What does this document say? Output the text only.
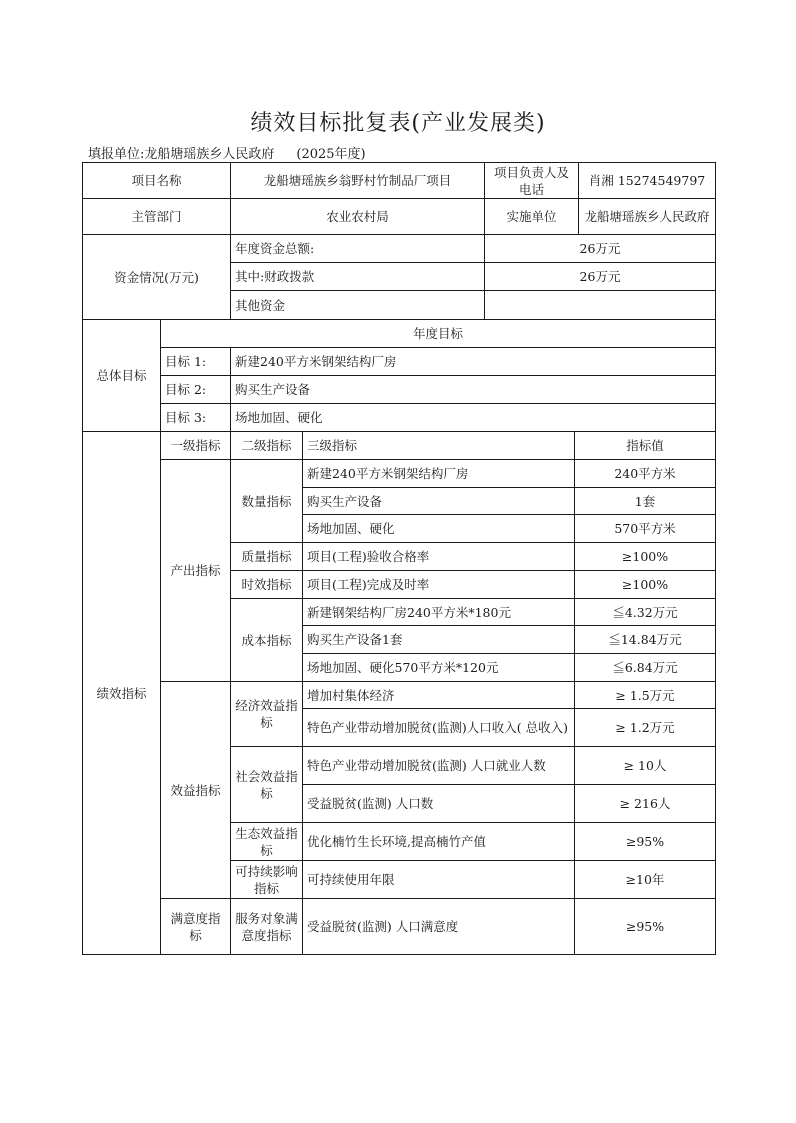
绩效目标批复表(产业发展类)
填报单位:龙船塘瑶族乡人民政府 (2025年度)
项目名称	龙船塘瑶族乡翁野村竹制品厂项目	项目负责人及电话	肖湘 15274549797
主管部门	农业农村局	实施单位	龙船塘瑶族乡人民政府
资金情况(万元)	年度资金总额:	26万元
	其中:财政拨款	26万元
	其他资金	
总体目标	年度目标	
	目标 1:	新建240平方米钢架结构厂房
	目标 2:	购买生产设备
	目标 3:	场地加固、硬化
绩效指标	一级指标	二级指标	三级指标	指标值
	产出指标	数量指标	新建240平方米钢架结构厂房	240平方米
			购买生产设备	1套
			场地加固、硬化	570平方米
		质量指标	项目(工程)验收合格率	≥100%
		时效指标	项目(工程)完成及时率	≥100%
		成本指标	新建钢架结构厂房240平方米*180元	≦4.32万元
			购买生产设备1套	≦14.84万元
			场地加固、硬化570平方米*120元	≦6.84万元
	效益指标	经济效益指标	增加村集体经济	≥ 1.5万元
			特色产业带动增加脱贫(监测)人口收入( 总收入)	≥ 1.2万元
		社会效益指标	特色产业带动增加脱贫(监测) 人口就业人数	≥ 10人
			受益脱贫(监测) 人口数	≥ 216人
		生态效益指标	优化楠竹生长环境,提高楠竹产值	≥95%
		可持续影响指标	可持续使用年限	≥10年
	满意度指标	服务对象满意度指标	受益脱贫(监测) 人口满意度	≥95%
